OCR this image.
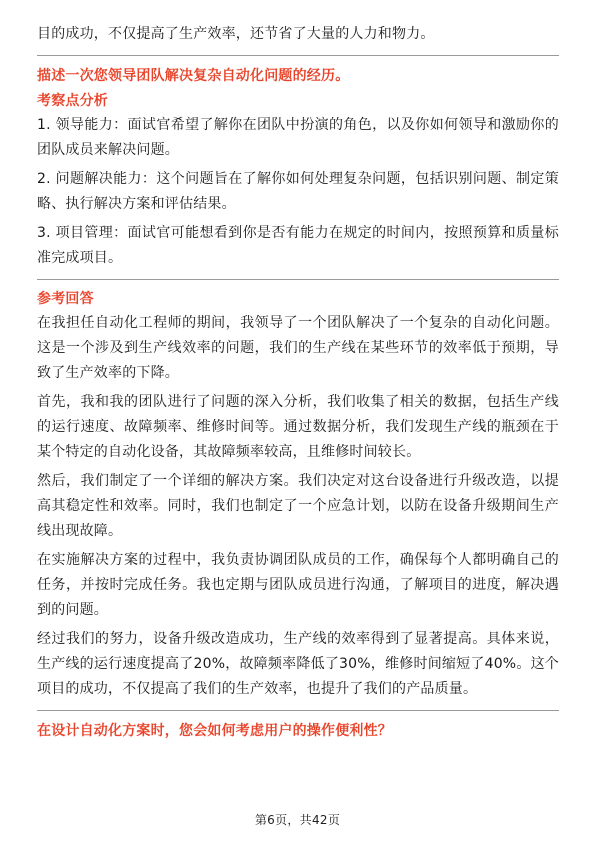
目的成功，不仅提高了生产效率，还节省了大量的人力和物力。

描述一次您领导团队解决复杂自动化问题的经历。

考察点分析

1. 领导能力：面试官希望了解你在团队中扮演的角色，以及你如何领导和激励你的团队成员来解决问题。

2. 问题解决能力：这个问题旨在了解你如何处理复杂问题，包括识别问题、制定策略、执行解决方案和评估结果。

3. 项目管理：面试官可能想看到你是否有能力在规定的时间内，按照预算和质量标准完成项目。

参考回答

在我担任自动化工程师的期间，我领导了一个团队解决了一个复杂的自动化问题。这是一个涉及到生产线效率的问题，我们的生产线在某些环节的效率低于预期，导致了生产效率的下降。

首先，我和我的团队进行了问题的深入分析，我们收集了相关的数据，包括生产线的运行速度、故障频率、维修时间等。通过数据分析，我们发现生产线的瓶颈在于某个特定的自动化设备，其故障频率较高，且维修时间较长。

然后，我们制定了一个详细的解决方案。我们决定对这台设备进行升级改造，以提高其稳定性和效率。同时，我们也制定了一个应急计划，以防在设备升级期间生产线出现故障。

在实施解决方案的过程中，我负责协调团队成员的工作，确保每个人都明确自己的任务，并按时完成任务。我也定期与团队成员进行沟通，了解项目的进度，解决遇到的问题。

经过我们的努力，设备升级改造成功，生产线的效率得到了显著提高。具体来说，生产线的运行速度提高了20%，故障频率降低了30%，维修时间缩短了40%。这个项目的成功，不仅提高了我们的生产效率，也提升了我们的产品质量。

在设计自动化方案时，您会如何考虑用户的操作便利性？

第6页，共42页
